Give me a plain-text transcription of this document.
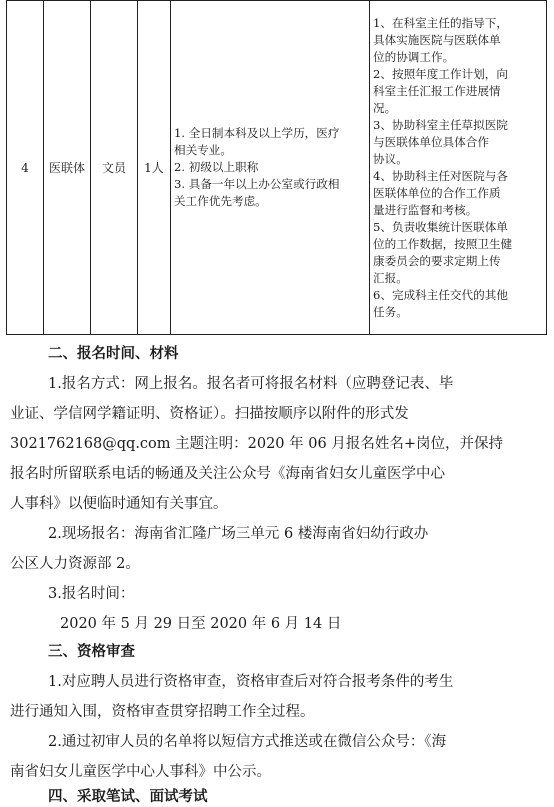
4	医联体	文员	1人	
1. 全日制本科及以上学历，医疗
相关专业。
2. 初级以上职称
3. 具备一年以上办公室或行政相
关工作优先考虑。

1、在科室主任的指导下，
具体实施医院与医联体单
位的协调工作。
2、按照年度工作计划，向
科室主任汇报工作进展情
况。
3、协助科室主任草拟医院
与医联体单位具体合作
协议。
4、协助科主任对医院与各
医联体单位的合作工作质
量进行监督和考核。
5、负责收集统计医联体单
位的工作数据，按照卫生健
康委员会的要求定期上传
汇报。
6、完成科主任交代的其他
任务。
二、报名时间、材料
1.报名方式：网上报名。报名者可将报名材料（应聘登记表、毕
业证、学信网学籍证明、资格证）。扫描按顺序以附件的形式发
3021762168@qq.com 主题注明：2020 年 06 月报名姓名+岗位，并保持
报名时所留联系电话的畅通及关注公众号《海南省妇女儿童医学中心
人事科》以便临时通知有关事宜。
2.现场报名：海南省汇隆广场三单元 6 楼海南省妇幼行政办
公区人力资源部 2。
3.报名时间：
2020 年 5 月 29 日至 2020 年 6 月 14 日
三、资格审查
1.对应聘人员进行资格审查，资格审查后对符合报考条件的考生
进行通知入围，资格审查贯穿招聘工作全过程。
2.通过初审人员的名单将以短信方式推送或在微信公众号：《海
南省妇女儿童医学中心人事科》中公示。
四、采取笔试、面试考试
